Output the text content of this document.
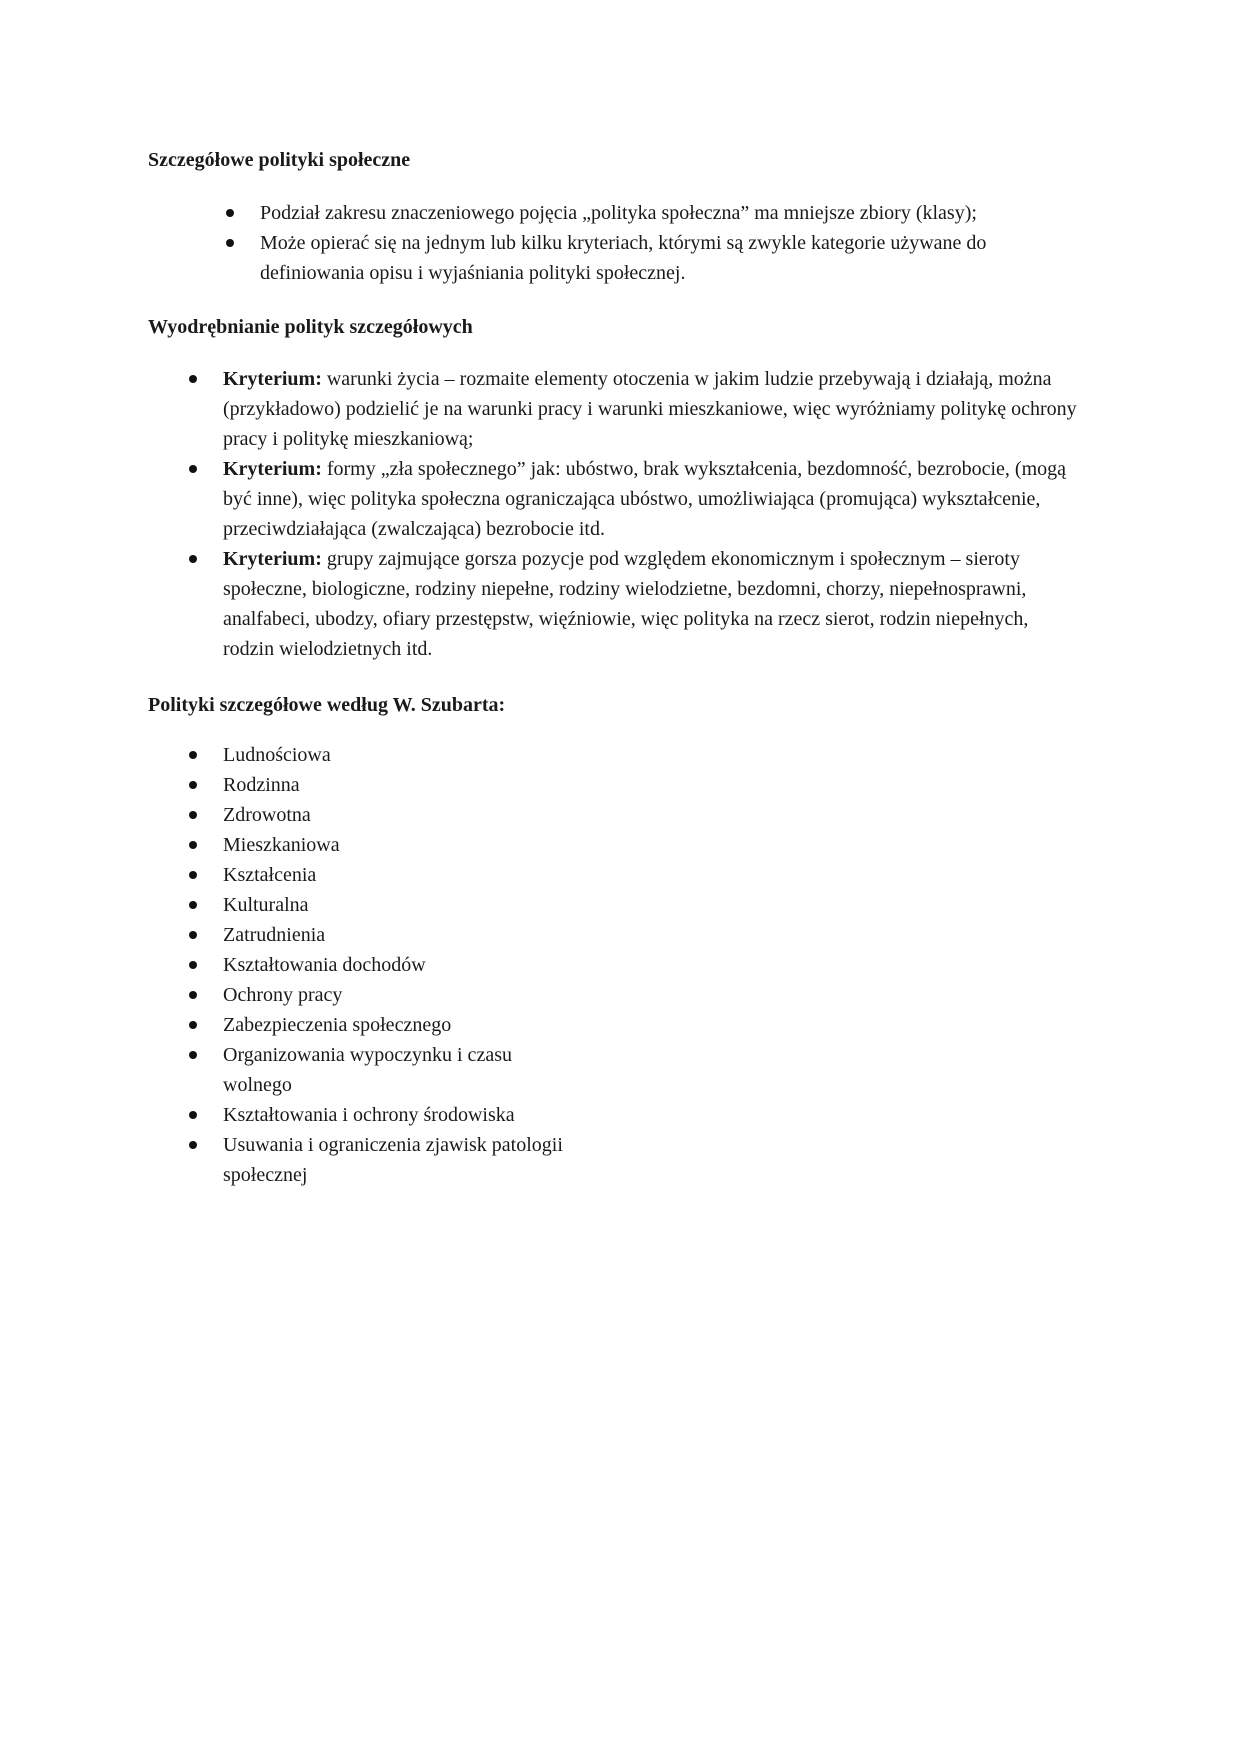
Szczegółowe polityki społeczne
Podział zakresu znaczeniowego pojęcia „polityka społeczna” ma mniejsze zbiory (klasy);
Może opierać się na jednym lub kilku kryteriach, którymi są zwykle kategorie używane do definiowania opisu i wyjaśniania polityki społecznej.
Wyodrębnianie polityk szczegółowych
Kryterium: warunki życia – rozmaite elementy otoczenia w jakim ludzie przebywają i działają, można (przykładowo) podzielić je na warunki pracy i warunki mieszkaniowe, więc wyróżniamy politykę ochrony pracy i politykę mieszkaniową;
Kryterium: formy „zła społecznego” jak: ubóstwo, brak wykształcenia, bezdomność, bezrobocie, (mogą być inne), więc polityka społeczna ograniczająca ubóstwo, umożliwiająca (promująca) wykształcenie, przeciwdziałająca (zwalczająca) bezrobocie itd.
Kryterium: grupy zajmujące gorsza pozycje pod względem ekonomicznym i społecznym – sieroty społeczne, biologiczne, rodziny niepełne, rodziny wielodzietne, bezdomni, chorzy, niepełnosprawni, analfabeci, ubodzy, ofiary przestępstw, więźniowie, więc polityka na rzecz sierot, rodzin niepełnych, rodzin wielodzietnych itd.
Polityki szczegółowe według W. Szubarta:
Ludnościowa
Rodzinna
Zdrowotna
Mieszkaniowa
Kształcenia
Kulturalna
Zatrudnienia
Kształtowania dochodów
Ochrony pracy
Zabezpieczenia społecznego
Organizowania wypoczynku i czasu wolnego
Kształtowania i ochrony środowiska
Usuwania i ograniczenia zjawisk patologii społecznej
